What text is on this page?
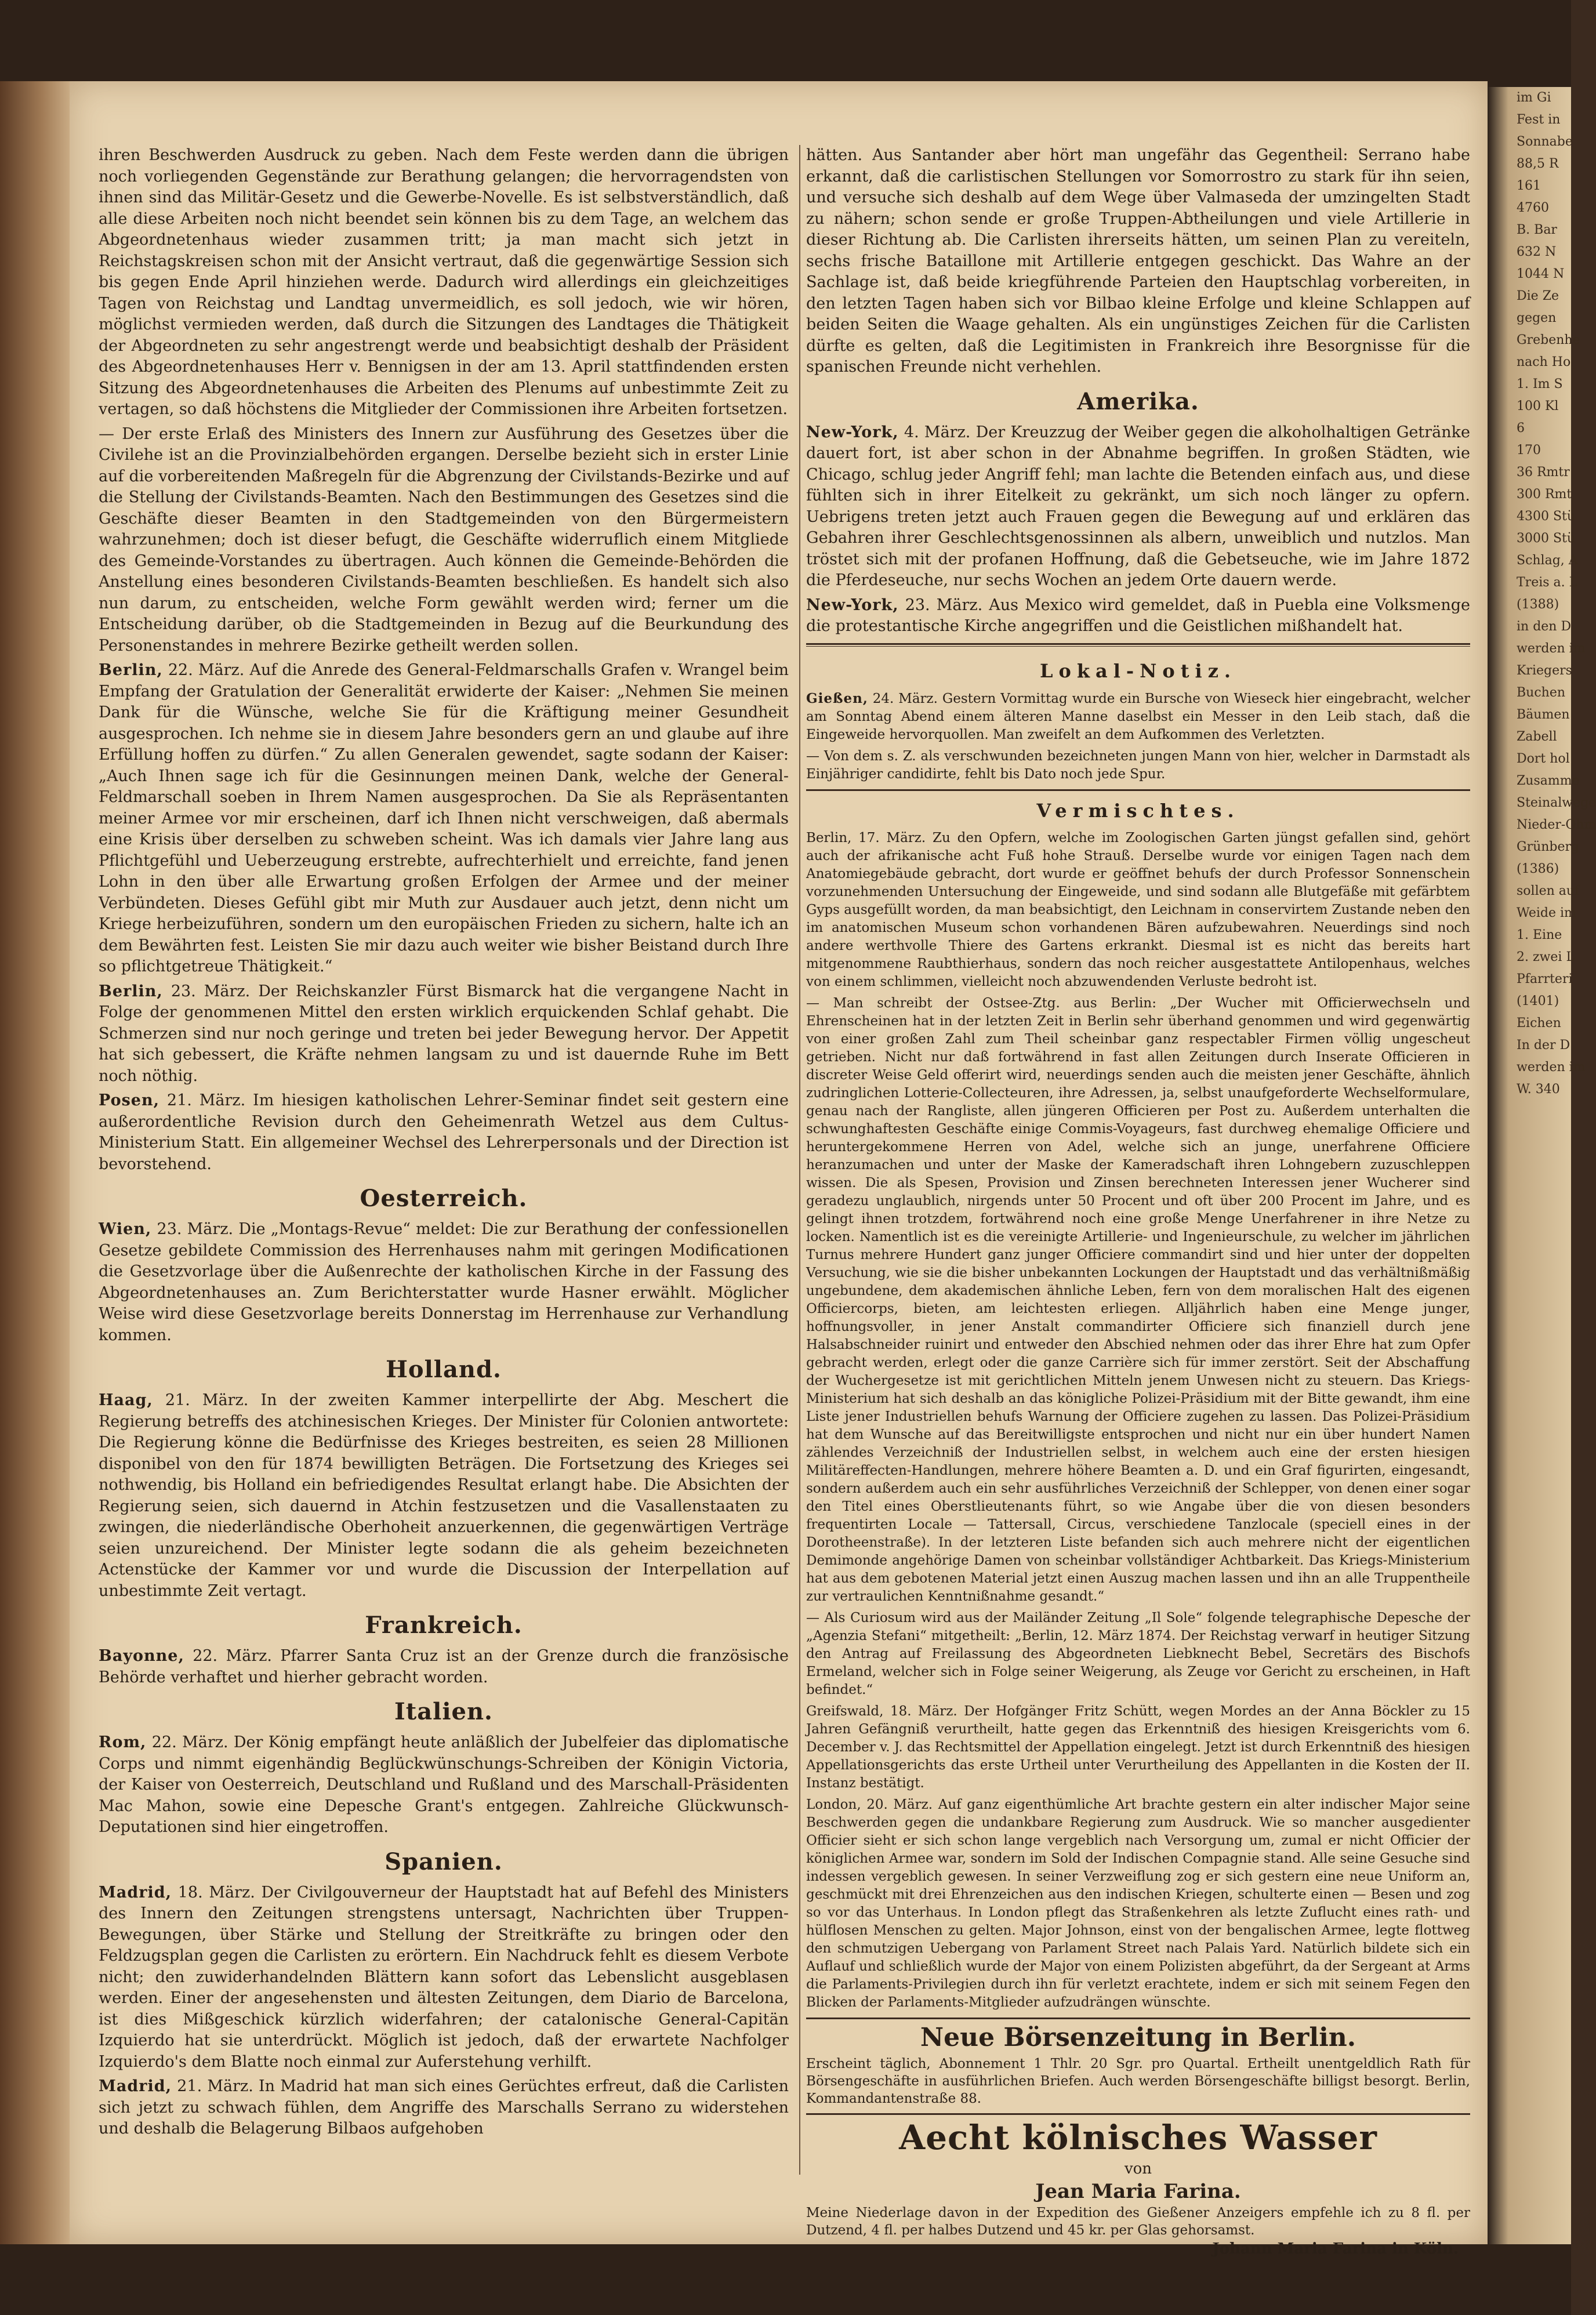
im Gi
Fest in
Sonnabe
88,5 R
161
4760
B. Bar
632 N
1044 N
Die Ze
gegen
Grebenhe
nach Ho
1. Im S
100 Kl
6
170
36 Rmtr
300 Rmt
4300 Stü
3000 Stü
Schlag, A
Treis a. L
(1388)
in den D
werden im
Kriegers
Buchen
Bäumen
Zabell
Dort hol
Zusamme
Steinalwege
Nieder-Ohm
Grünberg
(1386)
sollen auf
Weide im
1. Eine
2. zwei L
Pfarrteri
(1401)
Eichen
In der D
werden im
W. 340

ihren Beschwerden Ausdruck zu geben. Nach dem Feste werden dann die übrigen noch vorliegenden Gegenstände zur Berathung gelangen; die hervorragendsten von ihnen sind das Militär-Gesetz und die Gewerbe-Novelle. Es ist selbstverständlich, daß alle diese Arbeiten noch nicht beendet sein können bis zu dem Tage, an welchem das Abgeordnetenhaus wieder zusammen tritt; ja man macht sich jetzt in Reichstagskreisen schon mit der Ansicht vertraut, daß die gegenwärtige Session sich bis gegen Ende April hinziehen werde. Dadurch wird allerdings ein gleichzeitiges Tagen von Reichstag und Landtag unvermeidlich, es soll jedoch, wie wir hören, möglichst vermieden werden, daß durch die Sitzungen des Landtages die Thätigkeit der Abgeordneten zu sehr angestrengt werde und beabsichtigt deshalb der Präsident des Abgeordnetenhauses Herr v. Bennigsen in der am 13. April stattfindenden ersten Sitzung des Abgeordnetenhauses die Arbeiten des Plenums auf unbestimmte Zeit zu vertagen, so daß höchstens die Mitglieder der Commissionen ihre Arbeiten fortsetzen.

— Der erste Erlaß des Ministers des Innern zur Ausführung des Gesetzes über die Civilehe ist an die Provinzialbehörden ergangen. Derselbe bezieht sich in erster Linie auf die vorbereitenden Maßregeln für die Abgrenzung der Civilstands-Bezirke und auf die Stellung der Civilstands-Beamten. Nach den Bestimmungen des Gesetzes sind die Geschäfte dieser Beamten in den Stadtgemeinden von den Bürgermeistern wahrzunehmen; doch ist dieser befugt, die Geschäfte widerruflich einem Mitgliede des Gemeinde-Vorstandes zu übertragen. Auch können die Gemeinde-Behörden die Anstellung eines besonderen Civilstands-Beamten beschließen. Es handelt sich also nun darum, zu entscheiden, welche Form gewählt werden wird; ferner um die Entscheidung darüber, ob die Stadtgemeinden in Bezug auf die Beurkundung des Personenstandes in mehrere Bezirke getheilt werden sollen.

Berlin, 22. März. Auf die Anrede des General-Feldmarschalls Grafen v. Wrangel beim Empfang der Gratulation der Generalität erwiderte der Kaiser: „Nehmen Sie meinen Dank für die Wünsche, welche Sie für die Kräftigung meiner Gesundheit ausgesprochen. Ich nehme sie in diesem Jahre besonders gern an und glaube auf ihre Erfüllung hoffen zu dürfen.“ Zu allen Generalen gewendet, sagte sodann der Kaiser: „Auch Ihnen sage ich für die Gesinnungen meinen Dank, welche der General-Feldmarschall soeben in Ihrem Namen ausgesprochen. Da Sie als Repräsentanten meiner Armee vor mir erscheinen, darf ich Ihnen nicht verschweigen, daß abermals eine Krisis über derselben zu schweben scheint. Was ich damals vier Jahre lang aus Pflichtgefühl und Ueberzeugung erstrebte, aufrechterhielt und erreichte, fand jenen Lohn in den über alle Erwartung großen Erfolgen der Armee und der meiner Verbündeten. Dieses Gefühl gibt mir Muth zur Ausdauer auch jetzt, denn nicht um Kriege herbeizuführen, sondern um den europäischen Frieden zu sichern, halte ich an dem Bewährten fest. Leisten Sie mir dazu auch weiter wie bisher Beistand durch Ihre so pflichtgetreue Thätigkeit.“

Berlin, 23. März. Der Reichskanzler Fürst Bismarck hat die vergangene Nacht in Folge der genommenen Mittel den ersten wirklich erquickenden Schlaf gehabt. Die Schmerzen sind nur noch geringe und treten bei jeder Bewegung hervor. Der Appetit hat sich gebessert, die Kräfte nehmen langsam zu und ist dauernde Ruhe im Bett noch nöthig.

Posen, 21. März. Im hiesigen katholischen Lehrer-Seminar findet seit gestern eine außerordentliche Revision durch den Geheimenrath Wetzel aus dem Cultus-Ministerium Statt. Ein allgemeiner Wechsel des Lehrerpersonals und der Direction ist bevorstehend.

Oesterreich.

Wien, 23. März. Die „Montags-Revue“ meldet: Die zur Berathung der confessionellen Gesetze gebildete Commission des Herrenhauses nahm mit geringen Modificationen die Gesetzvorlage über die Außenrechte der katholischen Kirche in der Fassung des Abgeordnetenhauses an. Zum Berichterstatter wurde Hasner erwählt. Möglicher Weise wird diese Gesetzvorlage bereits Donnerstag im Herrenhause zur Verhandlung kommen.

Holland.

Haag, 21. März. In der zweiten Kammer interpellirte der Abg. Meschert die Regierung betreffs des atchinesischen Krieges. Der Minister für Colonien antwortete: Die Regierung könne die Bedürfnisse des Krieges bestreiten, es seien 28 Millionen disponibel von den für 1874 bewilligten Beträgen. Die Fortsetzung des Krieges sei nothwendig, bis Holland ein befriedigendes Resultat erlangt habe. Die Absichten der Regierung seien, sich dauernd in Atchin festzusetzen und die Vasallenstaaten zu zwingen, die niederländische Oberhoheit anzuerkennen, die gegenwärtigen Verträge seien unzureichend. Der Minister legte sodann die als geheim bezeichneten Actenstücke der Kammer vor und wurde die Discussion der Interpellation auf unbestimmte Zeit vertagt.

Frankreich.

Bayonne, 22. März. Pfarrer Santa Cruz ist an der Grenze durch die französische Behörde verhaftet und hierher gebracht worden.

Italien.

Rom, 22. März. Der König empfängt heute anläßlich der Jubelfeier das diplomatische Corps und nimmt eigenhändig Beglückwünschungs-Schreiben der Königin Victoria, der Kaiser von Oesterreich, Deutschland und Rußland und des Marschall-Präsidenten Mac Mahon, sowie eine Depesche Grant's entgegen. Zahlreiche Glückwunsch-Deputationen sind hier eingetroffen.

Spanien.

Madrid, 18. März. Der Civilgouverneur der Hauptstadt hat auf Befehl des Ministers des Innern den Zeitungen strengstens untersagt, Nachrichten über Truppen-Bewegungen, über Stärke und Stellung der Streitkräfte zu bringen oder den Feldzugsplan gegen die Carlisten zu erörtern. Ein Nachdruck fehlt es diesem Verbote nicht; den zuwiderhandelnden Blättern kann sofort das Lebenslicht ausgeblasen werden. Einer der angesehensten und ältesten Zeitungen, dem Diario de Barcelona, ist dies Mißgeschick kürzlich widerfahren; der catalonische General-Capitän Izquierdo hat sie unterdrückt. Möglich ist jedoch, daß der erwartete Nachfolger Izquierdo's dem Blatte noch einmal zur Auferstehung verhilft.

Madrid, 21. März. In Madrid hat man sich eines Gerüchtes erfreut, daß die Carlisten sich jetzt zu schwach fühlen, dem Angriffe des Marschalls Serrano zu widerstehen und deshalb die Belagerung Bilbaos aufgehoben

hätten. Aus Santander aber hört man ungefähr das Gegentheil: Serrano habe erkannt, daß die carlistischen Stellungen vor Somorrostro zu stark für ihn seien, und versuche sich deshalb auf dem Wege über Valmaseda der umzingelten Stadt zu nähern; schon sende er große Truppen-Abtheilungen und viele Artillerie in dieser Richtung ab. Die Carlisten ihrerseits hätten, um seinen Plan zu vereiteln, sechs frische Bataillone mit Artillerie entgegen geschickt. Das Wahre an der Sachlage ist, daß beide kriegführende Parteien den Hauptschlag vorbereiten, in den letzten Tagen haben sich vor Bilbao kleine Erfolge und kleine Schlappen auf beiden Seiten die Waage gehalten. Als ein ungünstiges Zeichen für die Carlisten dürfte es gelten, daß die Legitimisten in Frankreich ihre Besorgnisse für die spanischen Freunde nicht verhehlen.

Amerika.

New-York, 4. März. Der Kreuzzug der Weiber gegen die alkoholhaltigen Getränke dauert fort, ist aber schon in der Abnahme begriffen. In großen Städten, wie Chicago, schlug jeder Angriff fehl; man lachte die Betenden einfach aus, und diese fühlten sich in ihrer Eitelkeit zu gekränkt, um sich noch länger zu opfern. Uebrigens treten jetzt auch Frauen gegen die Bewegung auf und erklären das Gebahren ihrer Geschlechtsgenossinnen als albern, unweiblich und nutzlos. Man tröstet sich mit der profanen Hoffnung, daß die Gebetseuche, wie im Jahre 1872 die Pferdeseuche, nur sechs Wochen an jedem Orte dauern werde.

New-York, 23. März. Aus Mexico wird gemeldet, daß in Puebla eine Volksmenge die protestantische Kirche angegriffen und die Geistlichen mißhandelt hat.

Lokal-Notiz.

Gießen, 24. März. Gestern Vormittag wurde ein Bursche von Wieseck hier eingebracht, welcher am Sonntag Abend einem älteren Manne daselbst ein Messer in den Leib stach, daß die Eingeweide hervorquollen. Man zweifelt an dem Aufkommen des Verletzten.

— Von dem s. Z. als verschwunden bezeichneten jungen Mann von hier, welcher in Darmstadt als Einjähriger candidirte, fehlt bis Dato noch jede Spur.

Vermischtes.

Berlin, 17. März. Zu den Opfern, welche im Zoologischen Garten jüngst gefallen sind, gehört auch der afrikanische acht Fuß hohe Strauß. Derselbe wurde vor einigen Tagen nach dem Anatomiegebäude gebracht, dort wurde er geöffnet behufs der durch Professor Sonnenschein vorzunehmenden Untersuchung der Eingeweide, und sind sodann alle Blutgefäße mit gefärbtem Gyps ausgefüllt worden, da man beabsichtigt, den Leichnam in conservirtem Zustande neben den im anatomischen Museum schon vorhandenen Bären aufzubewahren. Neuerdings sind noch andere werthvolle Thiere des Gartens erkrankt. Diesmal ist es nicht das bereits hart mitgenommene Raubthierhaus, sondern das noch reicher ausgestattete Antilopenhaus, welches von einem schlimmen, vielleicht noch abzuwendenden Verluste bedroht ist.

— Man schreibt der Ostsee-Ztg. aus Berlin: „Der Wucher mit Officierwechseln und Ehrenscheinen hat in der letzten Zeit in Berlin sehr überhand genommen und wird gegenwärtig von einer großen Zahl zum Theil scheinbar ganz respectabler Firmen völlig ungescheut getrieben. Nicht nur daß fortwährend in fast allen Zeitungen durch Inserate Officieren in discreter Weise Geld offerirt wird, neuerdings senden auch die meisten jener Geschäfte, ähnlich zudringlichen Lotterie-Collecteuren, ihre Adressen, ja, selbst unaufgeforderte Wechselformulare, genau nach der Rangliste, allen jüngeren Officieren per Post zu. Außerdem unterhalten die schwunghaftesten Geschäfte einige Commis-Voyageurs, fast durchweg ehemalige Officiere und heruntergekommene Herren von Adel, welche sich an junge, unerfahrene Officiere heranzumachen und unter der Maske der Kameradschaft ihren Lohngebern zuzuschleppen wissen. Die als Spesen, Provision und Zinsen berechneten Interessen jener Wucherer sind geradezu unglaublich, nirgends unter 50 Procent und oft über 200 Procent im Jahre, und es gelingt ihnen trotzdem, fortwährend noch eine große Menge Unerfahrener in ihre Netze zu locken. Namentlich ist es die vereinigte Artillerie- und Ingenieurschule, zu welcher im jährlichen Turnus mehrere Hundert ganz junger Officiere commandirt sind und hier unter der doppelten Versuchung, wie sie die bisher unbekannten Lockungen der Hauptstadt und das verhältnißmäßig ungebundene, dem akademischen ähnliche Leben, fern von dem moralischen Halt des eigenen Officiercorps, bieten, am leichtesten erliegen. Alljährlich haben eine Menge junger, hoffnungsvoller, in jener Anstalt commandirter Officiere sich finanziell durch jene Halsabschneider ruinirt und entweder den Abschied nehmen oder das ihrer Ehre hat zum Opfer gebracht werden, erlegt oder die ganze Carrière sich für immer zerstört. Seit der Abschaffung der Wuchergesetze ist mit gerichtlichen Mitteln jenem Unwesen nicht zu steuern. Das Kriegs-Ministerium hat sich deshalb an das königliche Polizei-Präsidium mit der Bitte gewandt, ihm eine Liste jener Industriellen behufs Warnung der Officiere zugehen zu lassen. Das Polizei-Präsidium hat dem Wunsche auf das Bereitwilligste entsprochen und nicht nur ein über hundert Namen zählendes Verzeichniß der Industriellen selbst, in welchem auch eine der ersten hiesigen Militäreffecten-Handlungen, mehrere höhere Beamten a. D. und ein Graf figurirten, eingesandt, sondern außerdem auch ein sehr ausführliches Verzeichniß der Schlepper, von denen einer sogar den Titel eines Oberstlieutenants führt, so wie Angabe über die von diesen besonders frequentirten Locale — Tattersall, Circus, verschiedene Tanzlocale (speciell eines in der Dorotheenstraße). In der letzteren Liste befanden sich auch mehrere nicht der eigentlichen Demimonde angehörige Damen von scheinbar vollständiger Achtbarkeit. Das Kriegs-Ministerium hat aus dem gebotenen Material jetzt einen Auszug machen lassen und ihn an alle Truppentheile zur vertraulichen Kenntnißnahme gesandt.“

— Als Curiosum wird aus der Mailänder Zeitung „Il Sole“ folgende telegraphische Depesche der „Agenzia Stefani“ mitgetheilt: „Berlin, 12. März 1874. Der Reichstag verwarf in heutiger Sitzung den Antrag auf Freilassung des Abgeordneten Liebknecht Bebel, Secretärs des Bischofs Ermeland, welcher sich in Folge seiner Weigerung, als Zeuge vor Gericht zu erscheinen, in Haft befindet.“

Greifswald, 18. März. Der Hofgänger Fritz Schütt, wegen Mordes an der Anna Böckler zu 15 Jahren Gefängniß verurtheilt, hatte gegen das Erkenntniß des hiesigen Kreisgerichts vom 6. December v. J. das Rechtsmittel der Appellation eingelegt. Jetzt ist durch Erkenntniß des hiesigen Appellationsgerichts das erste Urtheil unter Verurtheilung des Appellanten in die Kosten der II. Instanz bestätigt.

London, 20. März. Auf ganz eigenthümliche Art brachte gestern ein alter indischer Major seine Beschwerden gegen die undankbare Regierung zum Ausdruck. Wie so mancher ausgedienter Officier sieht er sich schon lange vergeblich nach Versorgung um, zumal er nicht Officier der königlichen Armee war, sondern im Sold der Indischen Compagnie stand. Alle seine Gesuche sind indessen vergeblich gewesen. In seiner Verzweiflung zog er sich gestern eine neue Uniform an, geschmückt mit drei Ehrenzeichen aus den indischen Kriegen, schulterte einen — Besen und zog so vor das Unterhaus. In London pflegt das Straßenkehren als letzte Zuflucht eines rath- und hülflosen Menschen zu gelten. Major Johnson, einst von der bengalischen Armee, legte flottweg den schmutzigen Uebergang von Parlament Street nach Palais Yard. Natürlich bildete sich ein Auflauf und schließlich wurde der Major von einem Polizisten abgeführt, da der Sergeant at Arms die Parlaments-Privilegien durch ihn für verletzt erachtete, indem er sich mit seinem Fegen den Blicken der Parlaments-Mitglieder aufzudrängen wünschte.

Neue Börsenzeitung in Berlin.

Erscheint täglich, Abonnement 1 Thlr. 20 Sgr. pro Quartal. Ertheilt unentgeldlich Rath für Börsengeschäfte in ausführlichen Briefen. Auch werden Börsengeschäfte billigst besorgt. Berlin, Kommandantenstraße 88.

Aecht kölnisches Wasser
von
Jean Maria Farina.

Meine Niederlage davon in der Expedition des Gießener Anzeigers empfehle ich zu 8 fl. per Dutzend, 4 fl. per halbes Dutzend und 45 kr. per Glas gehorsamst.

Johann Maria Farina in Köln.
